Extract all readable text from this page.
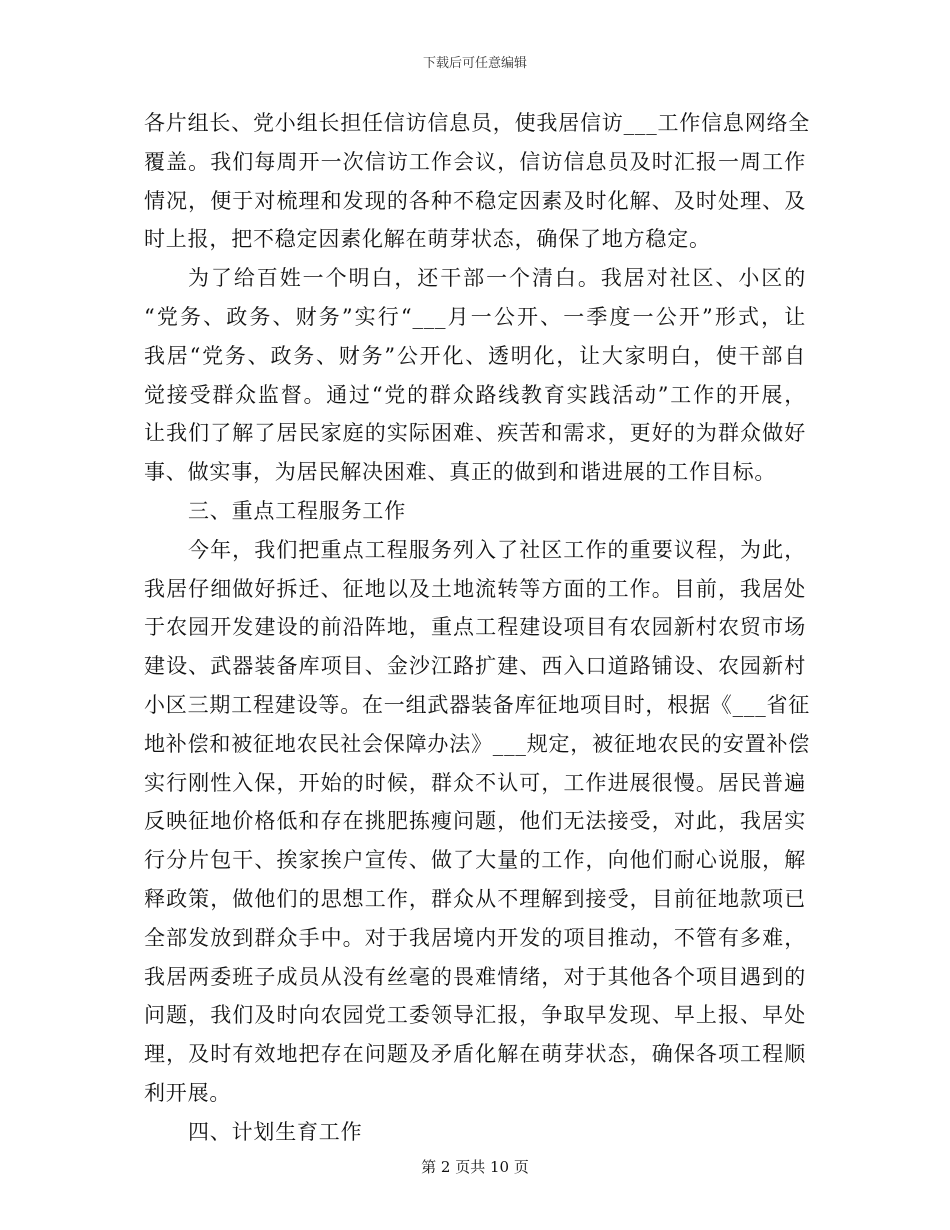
下载后可任意编辑
各片组长、党小组长担任信访信息员，使我居信访___工作信息网络全
覆盖。我们每周开一次信访工作会议，信访信息员及时汇报一周工作
情况，便于对梳理和发现的各种不稳定因素及时化解、及时处理、及
时上报，把不稳定因素化解在萌芽状态，确保了地方稳定。
为了给百姓一个明白，还干部一个清白。我居对社区、小区的
“党务、政务、财务”实行“___月一公开、一季度一公开”形式，让
我居“党务、政务、财务”公开化、透明化，让大家明白，使干部自
觉接受群众监督。通过“党的群众路线教育实践活动”工作的开展，
让我们了解了居民家庭的实际困难、疾苦和需求，更好的为群众做好
事、做实事，为居民解决困难、真正的做到和谐进展的工作目标。
三、重点工程服务工作
今年，我们把重点工程服务列入了社区工作的重要议程，为此，
我居仔细做好拆迁、征地以及土地流转等方面的工作。目前，我居处
于农园开发建设的前沿阵地，重点工程建设项目有农园新村农贸市场
建设、武器装备库项目、金沙江路扩建、西入口道路铺设、农园新村
小区三期工程建设等。在一组武器装备库征地项目时，根据《___省征
地补偿和被征地农民社会保障办法》___规定，被征地农民的安置补偿
实行刚性入保，开始的时候，群众不认可，工作进展很慢。居民普遍
反映征地价格低和存在挑肥拣瘦问题，他们无法接受，对此，我居实
行分片包干、挨家挨户宣传、做了大量的工作，向他们耐心说服，解
释政策，做他们的思想工作，群众从不理解到接受，目前征地款项已
全部发放到群众手中。对于我居境内开发的项目推动，不管有多难，
我居两委班子成员从没有丝毫的畏难情绪，对于其他各个项目遇到的
问题，我们及时向农园党工委领导汇报，争取早发现、早上报、早处
理，及时有效地把存在问题及矛盾化解在萌芽状态，确保各项工程顺
利开展。
四、计划生育工作
第 2 页共 10 页
